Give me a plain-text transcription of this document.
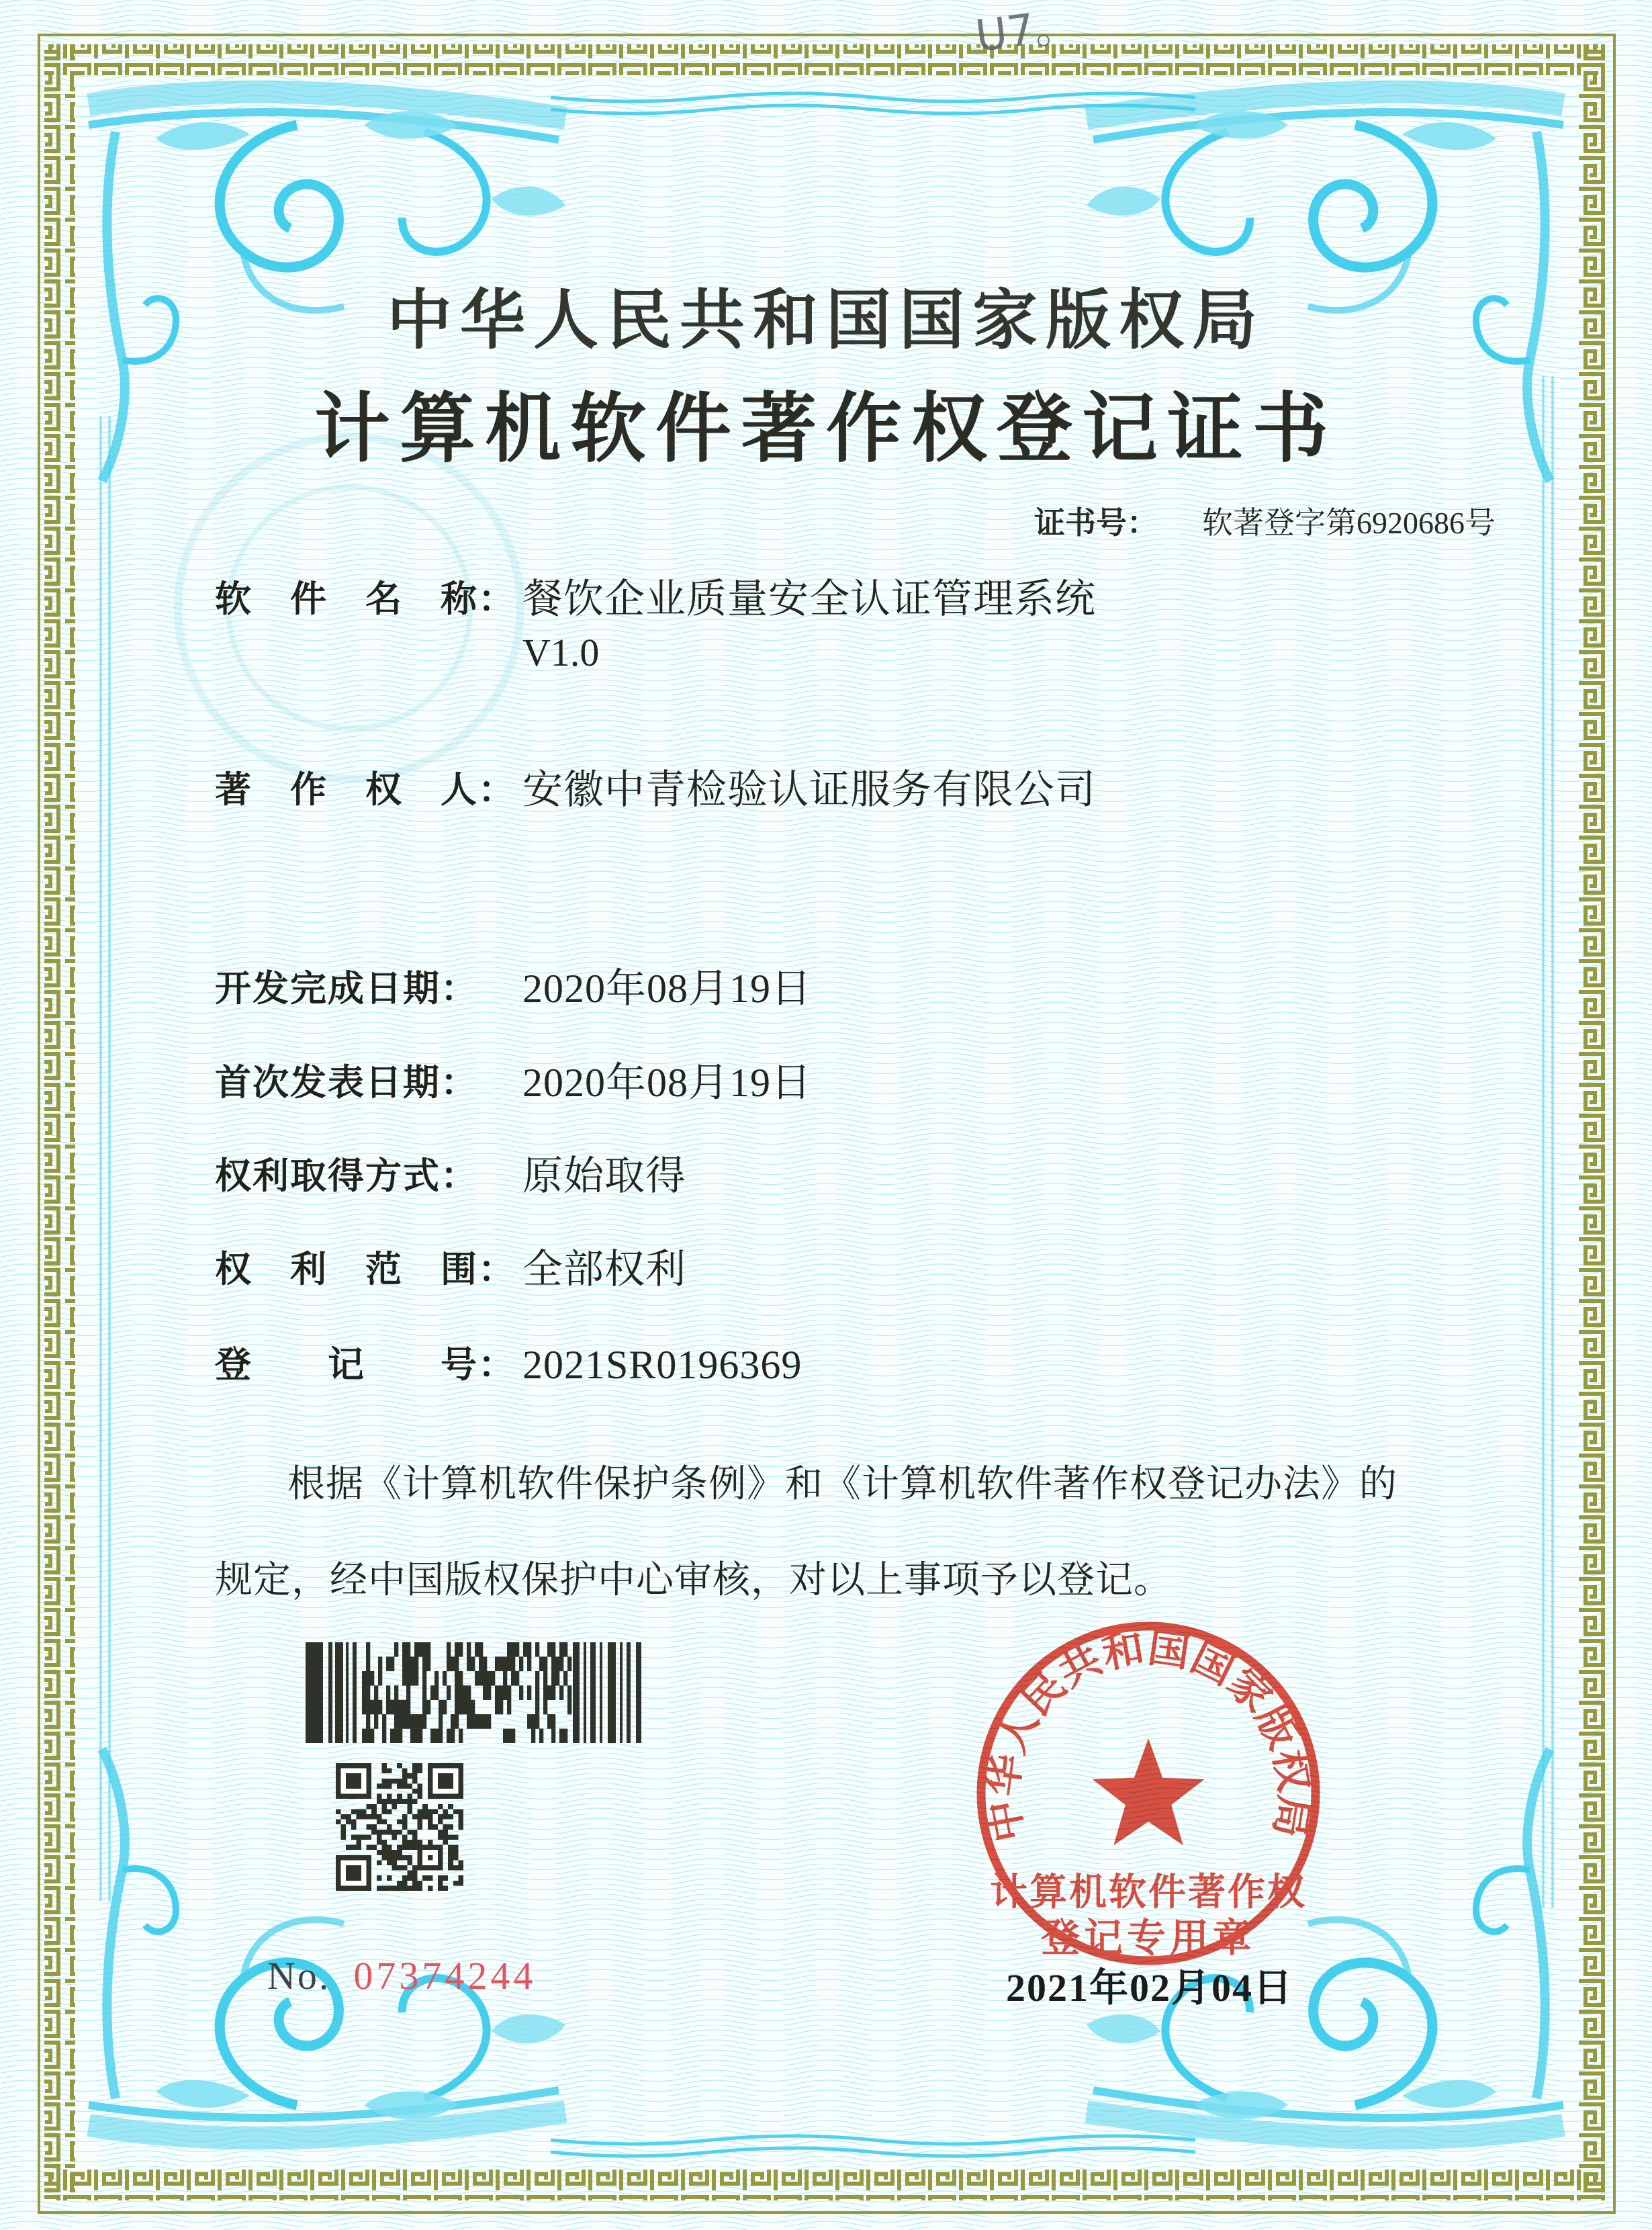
U7。
中华人民共和国国家版权局
计算机软件著作权登记证书
证书号： 软著登字第6920686号
软　件　名　称： 餐饮企业质量安全认证管理系统
V1.0
著　作　权　人： 安徽中青检验认证服务有限公司
开发完成日期：	2020年08月19日
首次发表日期：	2020年08月19日
权利取得方式：	原始取得
权　利　范　围： 全部权利
登　　记　　号： 2021SR0196369
根据《计算机软件保护条例》和《计算机软件著作权登记办法》的
规定，经中国版权保护中心审核，对以上事项予以登记。
No. 07374244
中华人民共和国国家版权局
计算机软件著作权
登记专用章
2021年02月04日
